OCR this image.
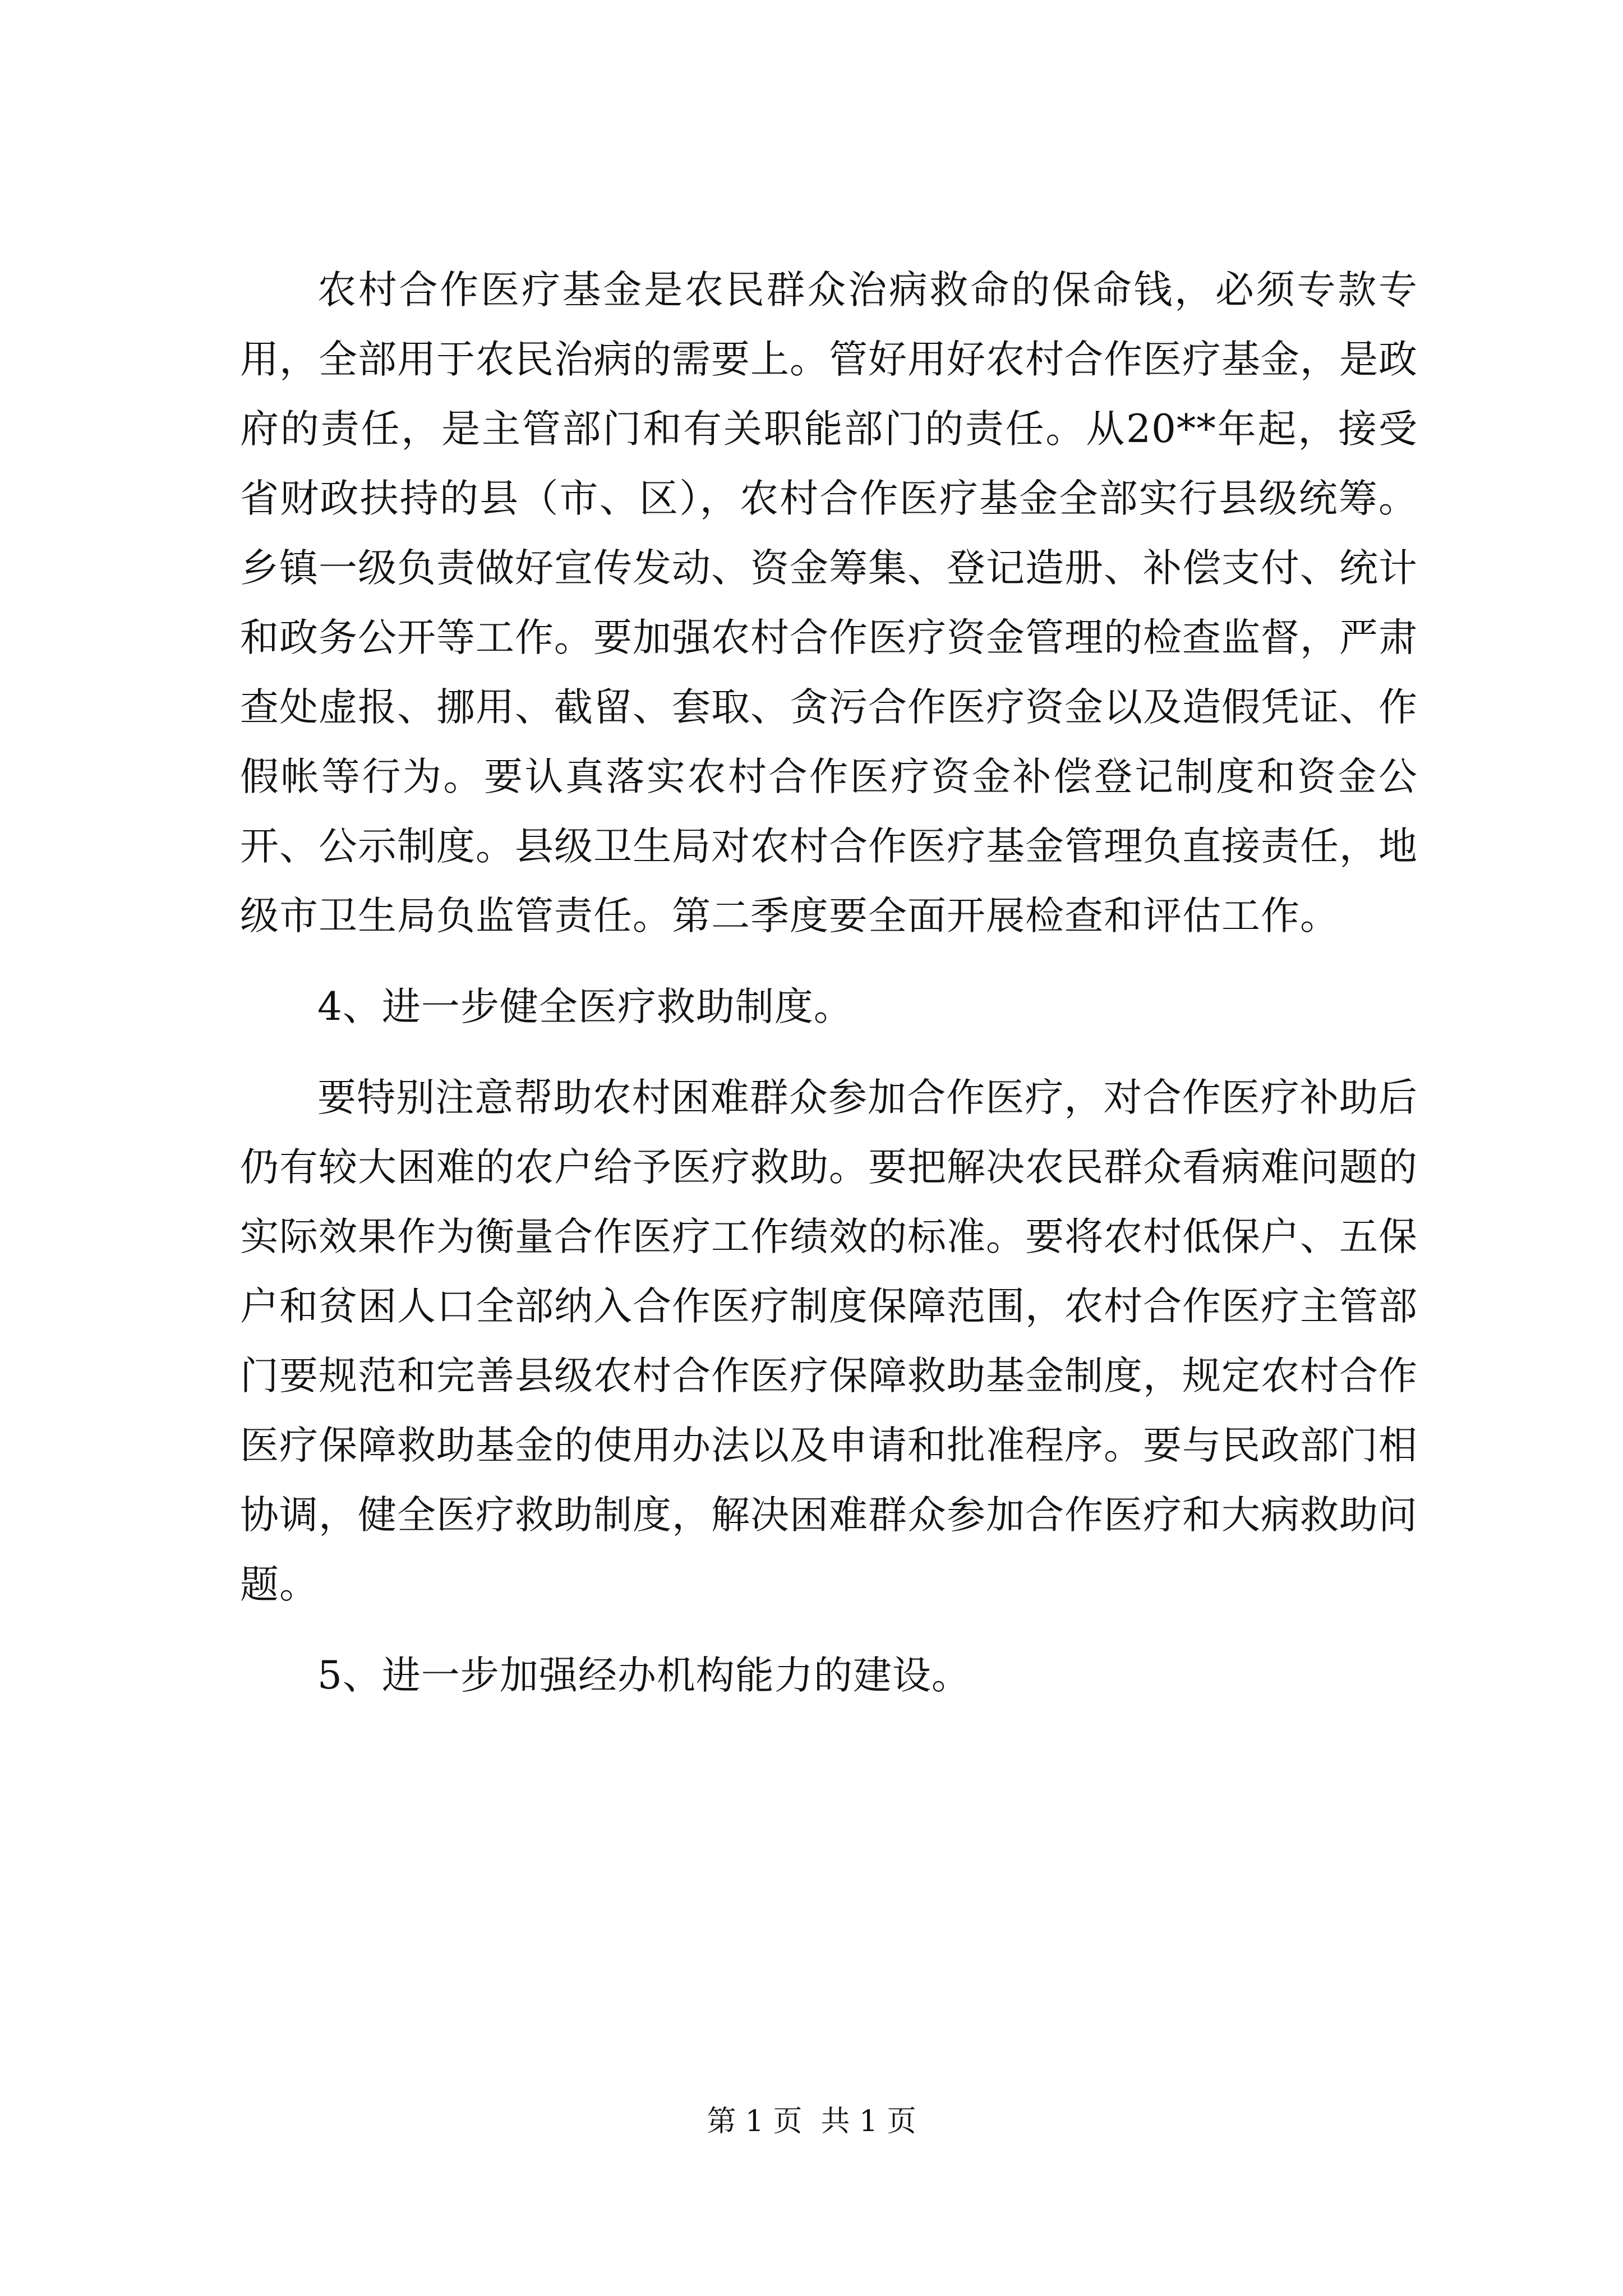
农村合作医疗基金是农民群众治病救命的保命钱，必须专款专用，全部用于农民治病的需要上。管好用好农村合作医疗基金，是政府的责任，是主管部门和有关职能部门的责任。从20**年起，接受省财政扶持的县（市、区），农村合作医疗基金全部实行县级统筹。乡镇一级负责做好宣传发动、资金筹集、登记造册、补偿支付、统计和政务公开等工作。要加强农村合作医疗资金管理的检查监督，严肃查处虚报、挪用、截留、套取、贪污合作医疗资金以及造假凭证、作假帐等行为。要认真落实农村合作医疗资金补偿登记制度和资金公开、公示制度。县级卫生局对农村合作医疗基金管理负直接责任，地级市卫生局负监管责任。第二季度要全面开展检查和评估工作。

4、进一步健全医疗救助制度。

要特别注意帮助农村困难群众参加合作医疗，对合作医疗补助后仍有较大困难的农户给予医疗救助。要把解决农民群众看病难问题的实际效果作为衡量合作医疗工作绩效的标准。要将农村低保户、五保户和贫困人口全部纳入合作医疗制度保障范围，农村合作医疗主管部门要规范和完善县级农村合作医疗保障救助基金制度，规定农村合作医疗保障救助基金的使用办法以及申请和批准程序。要与民政部门相协调，健全医疗救助制度，解决困难群众参加合作医疗和大病救助问题。

5、进一步加强经办机构能力的建设。

第 1 页  共 1 页
